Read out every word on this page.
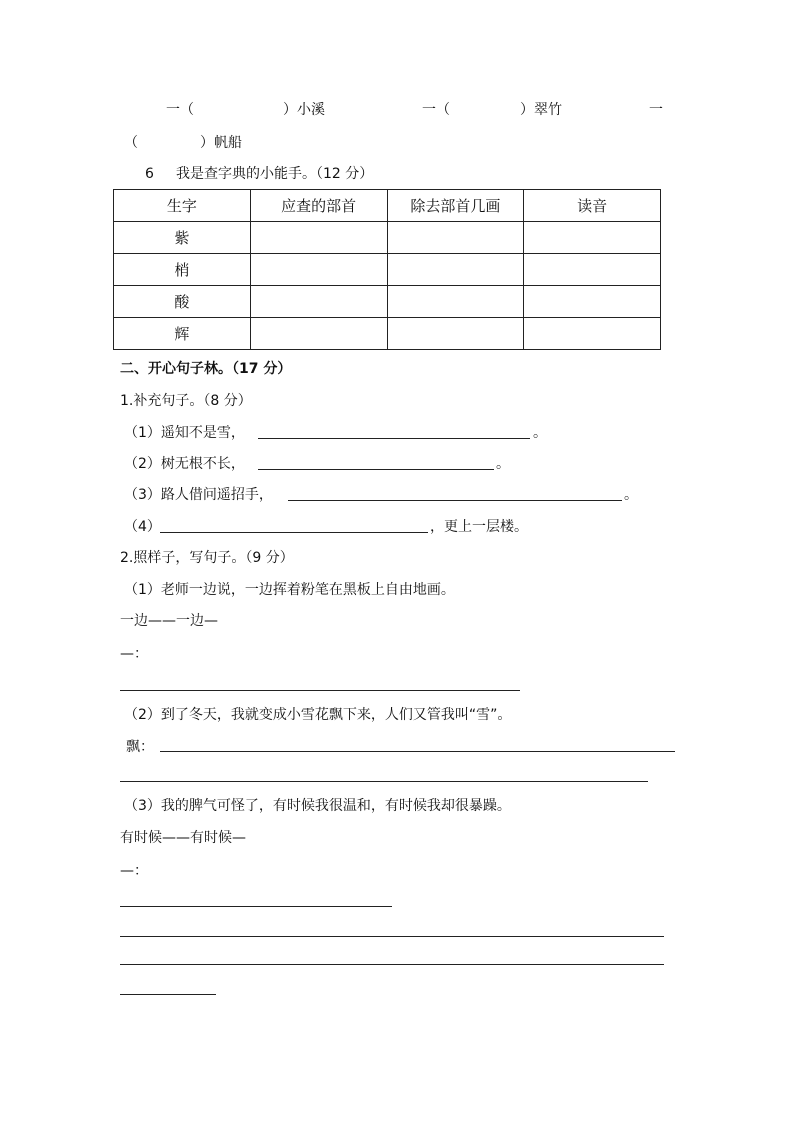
一（	）小溪	一（	）翠竹	一
（	）帆船
6 我是查字典的小能手。（12 分）
生字	应查的部首	除去部首几画	读音
紫			
梢			
酸			
辉			
二、开心句子林。（17 分）
1.补充句子。（8 分）
（1）遥知不是雪，	。
（2）树无根不长，	。
（3）路人借问遥招手，	。
（4）	，更上一层楼。
2.照样子，写句子。（9 分）
（1）老师一边说，一边挥着粉笔在黑板上自由地画。
一边——一边—
—：
（2）到了冬天，我就变成小雪花飘下来，人们又管我叫“雪”。
飘：
（3）我的脾气可怪了，有时候我很温和，有时候我却很暴躁。
有时候——有时候—
—：
